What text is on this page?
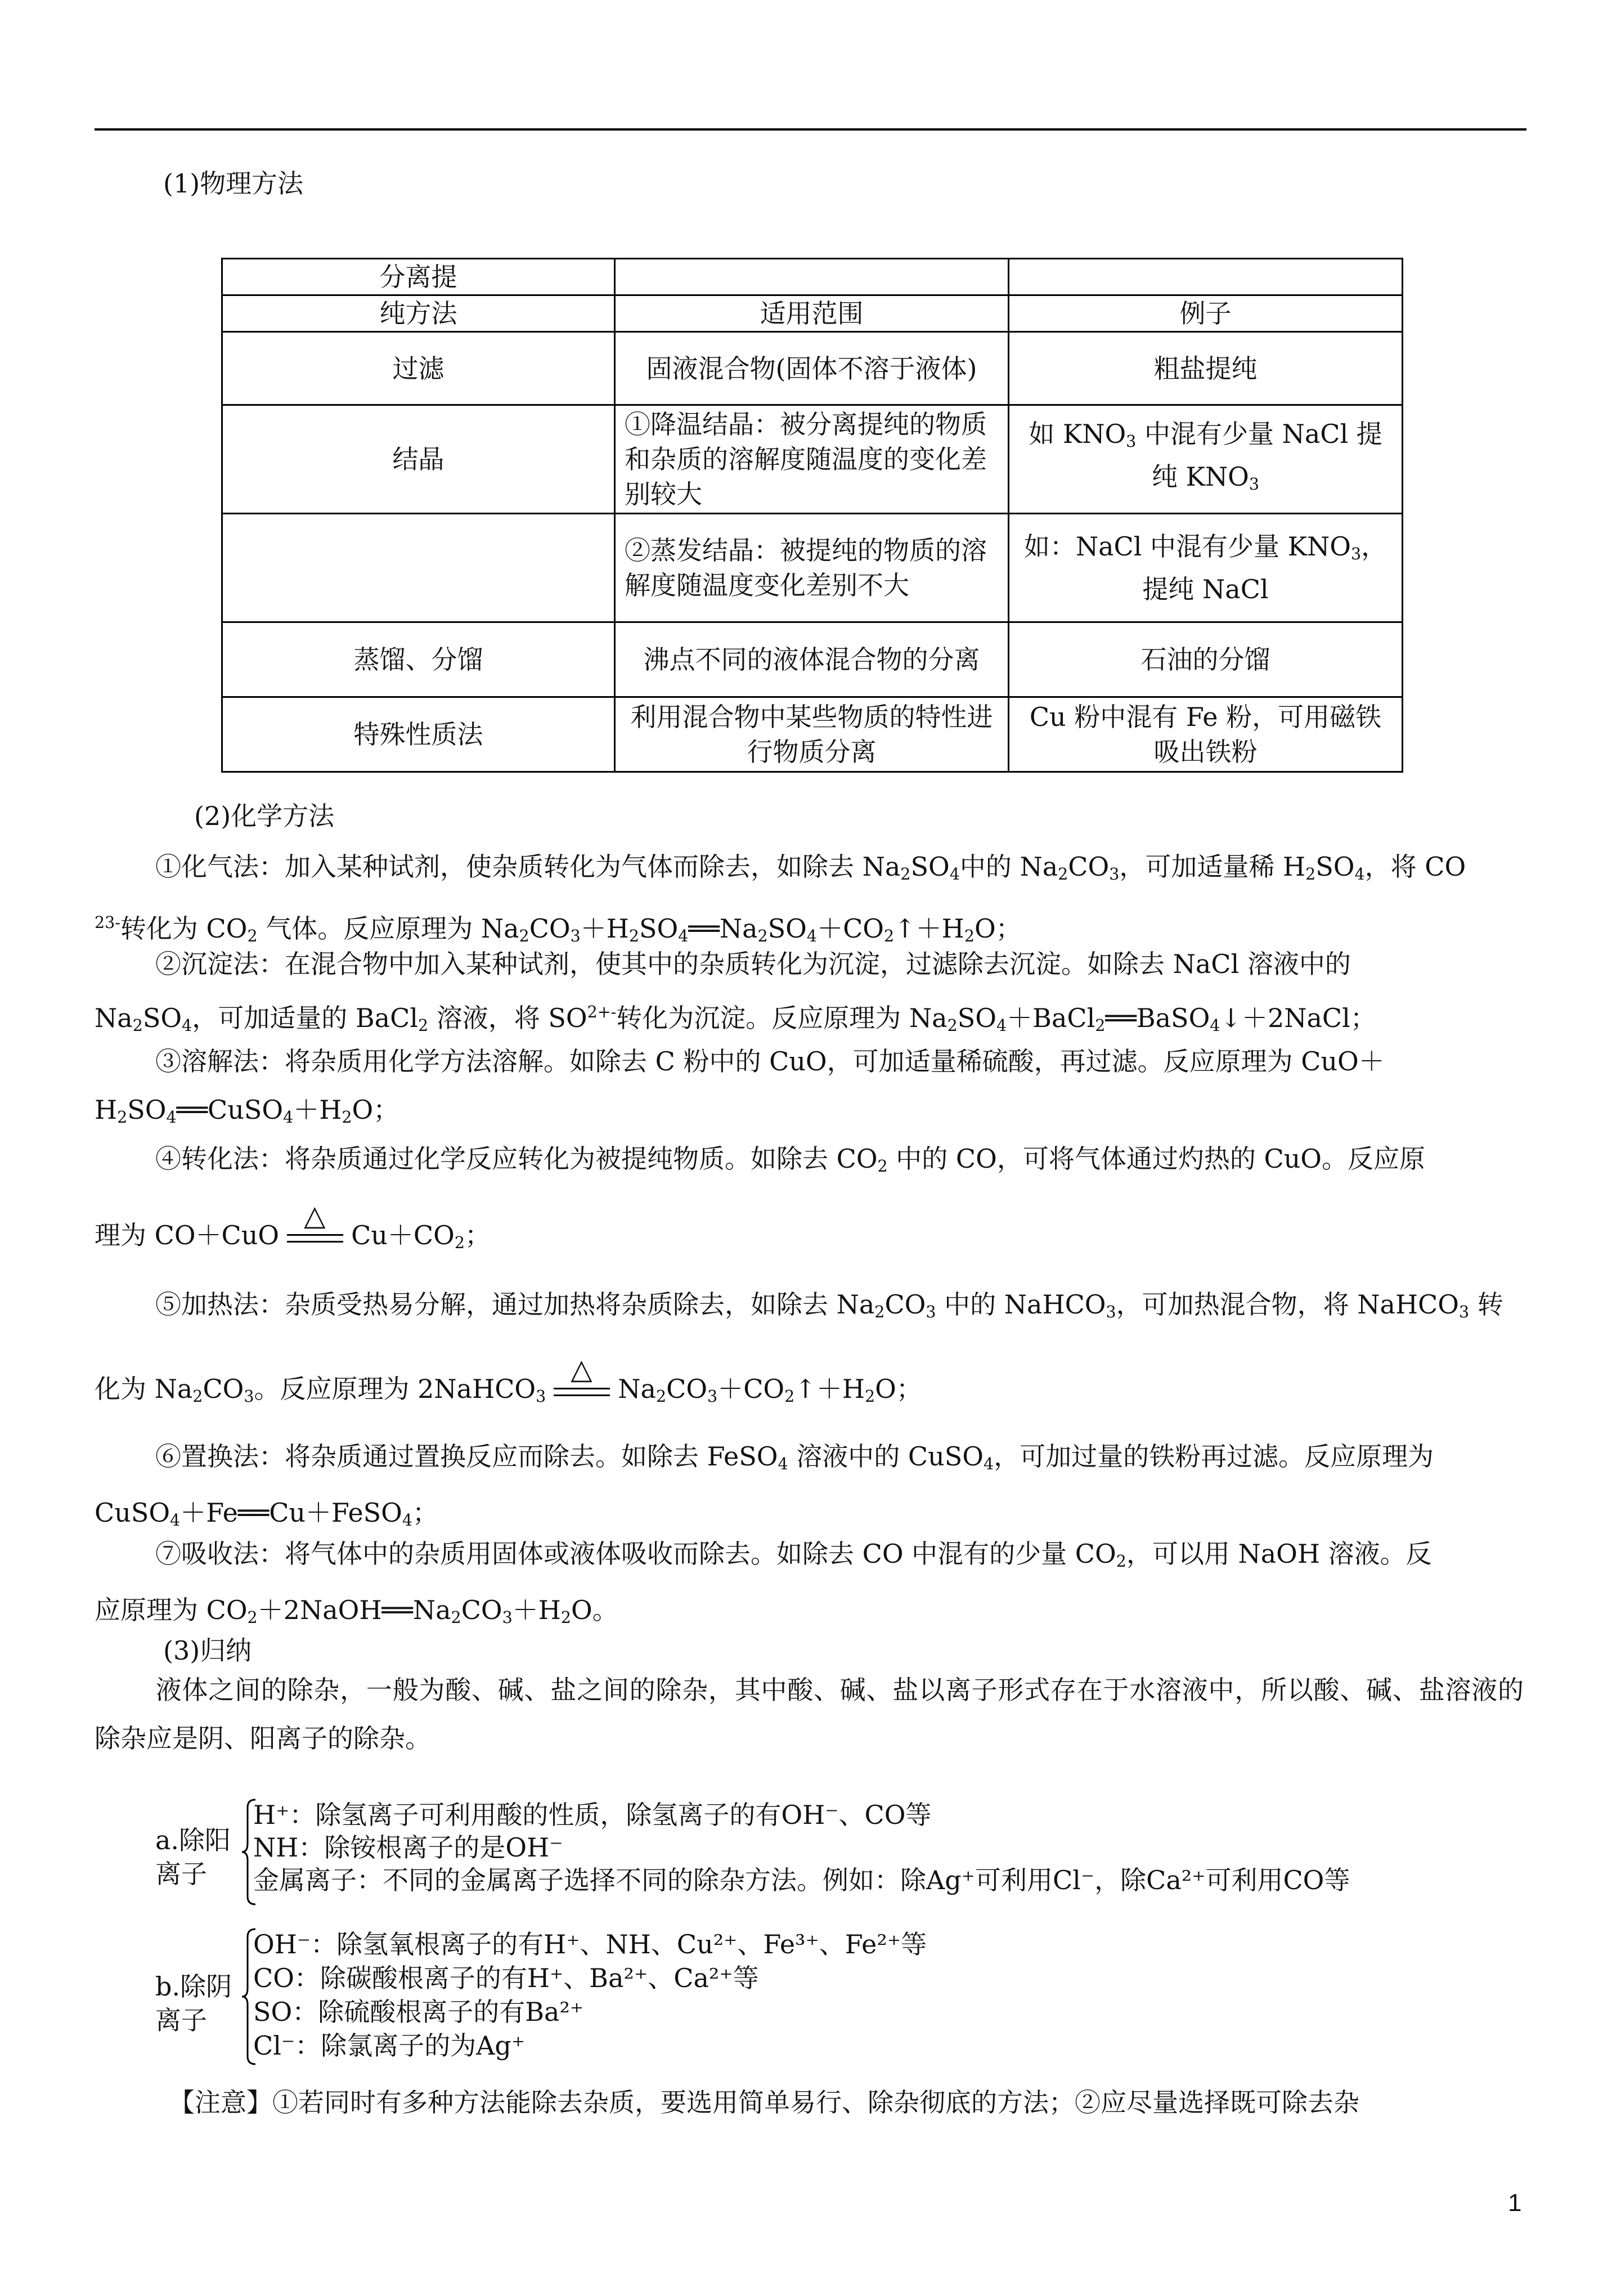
(1)物理方法
分离提		
纯方法	适用范围	例子
过滤	固液混合物(固体不溶于液体)	粗盐提纯
结晶	①降温结晶：被分离提纯的物质和杂质的溶解度随温度的变化差别较大	如 $KNO_3$ 中混有少量 NaCl 提纯 $KNO_3$
	②蒸发结晶：被提纯的物质的溶解度随温度变化差别不大	如：NaCl 中混有少量 $KNO_3$，提纯 NaCl
蒸馏、分馏	沸点不同的液体混合物的分离	石油的分馏
特殊性质法	利用混合物中某些物质的特性进行物质分离	Cu 粉中混有 Fe 粉，可用磁铁吸出铁粉
(2)化学方法
①化气法：加入某种试剂，使杂质转化为气体而除去，如除去 $Na_2SO_4$中的 $Na_2CO_3$，可加适量稀 $H_2SO_4$，将 CO
$^{23-}$转化为 $CO_2$ 气体。反应原理为 $Na_2CO_3+H_2SO_4══Na_2SO_4+CO_2↑+H_2O$；
②沉淀法：在混合物中加入某种试剂，使其中的杂质转化为沉淀，过滤除去沉淀。如除去 NaCl 溶液中的
$Na_2SO_4$，可加适量的 BaCl$_2$ 溶液，将 $SO^{2+-}$转化为沉淀。反应原理为 $Na_2SO_4+BaCl_2══BaSO_4↓+2NaCl$；
③溶解法：将杂质用化学方法溶解。如除去 C 粉中的 CuO，可加适量稀硫酸，再过滤。反应原理为 CuO＋
$H_2SO_4══CuSO_4+H_2O$；
④转化法：将杂质通过化学反应转化为被提纯物质。如除去 $CO_2$ 中的 CO，可将气体通过灼热的 CuO。反应原
理为 CO＋CuO
△
$Cu+CO_2$；
⑤加热法：杂质受热易分解，通过加热将杂质除去，如除去 $Na_2CO_3$ 中的 NaHCO$_3$，可加热混合物，将 NaHCO$_3$ 转
化为 $Na_2CO_3$。反应原理为 2NaHCO$_3$
△
$Na_2CO_3+CO_2↑+H_2O$；
⑥置换法：将杂质通过置换反应而除去。如除去 FeSO$_4$ 溶液中的 CuSO$_4$，可加过量的铁粉再过滤。反应原理为
CuSO$_4$＋Fe══Cu＋FeSO$_4$；
⑦吸收法：将气体中的杂质用固体或液体吸收而除去。如除去 CO 中混有的少量 $CO_2$，可以用 NaOH 溶液。反
应原理为 $CO_2+2NaOH══Na_2CO_3+H_2O$。
(3)归纳
液体之间的除杂，一般为酸、碱、盐之间的除杂，其中酸、碱、盐以离子形式存在于水溶液中，所以酸、碱、盐溶液的除杂应是阴、阳离子的除杂。
a.除阳
离子
H⁺：除氢离子可利用酸的性质，除氢离子的有OH⁻、CO等
NH：除铵根离子的是OH⁻
金属离子：不同的金属离子选择不同的除杂方法。例如：除Ag⁺可利用Cl⁻，除Ca²⁺可利用CO等
b.除阴
离子
OH⁻：除氢氧根离子的有H⁺、NH、Cu²⁺、Fe³⁺、Fe²⁺等
CO：除碳酸根离子的有H⁺、Ba²⁺、Ca²⁺等
SO：除硫酸根离子的有Ba²⁺
Cl⁻：除氯离子的为Ag⁺
【注意】①若同时有多种方法能除去杂质，要选用简单易行、除杂彻底的方法；②应尽量选择既可除去杂
1
